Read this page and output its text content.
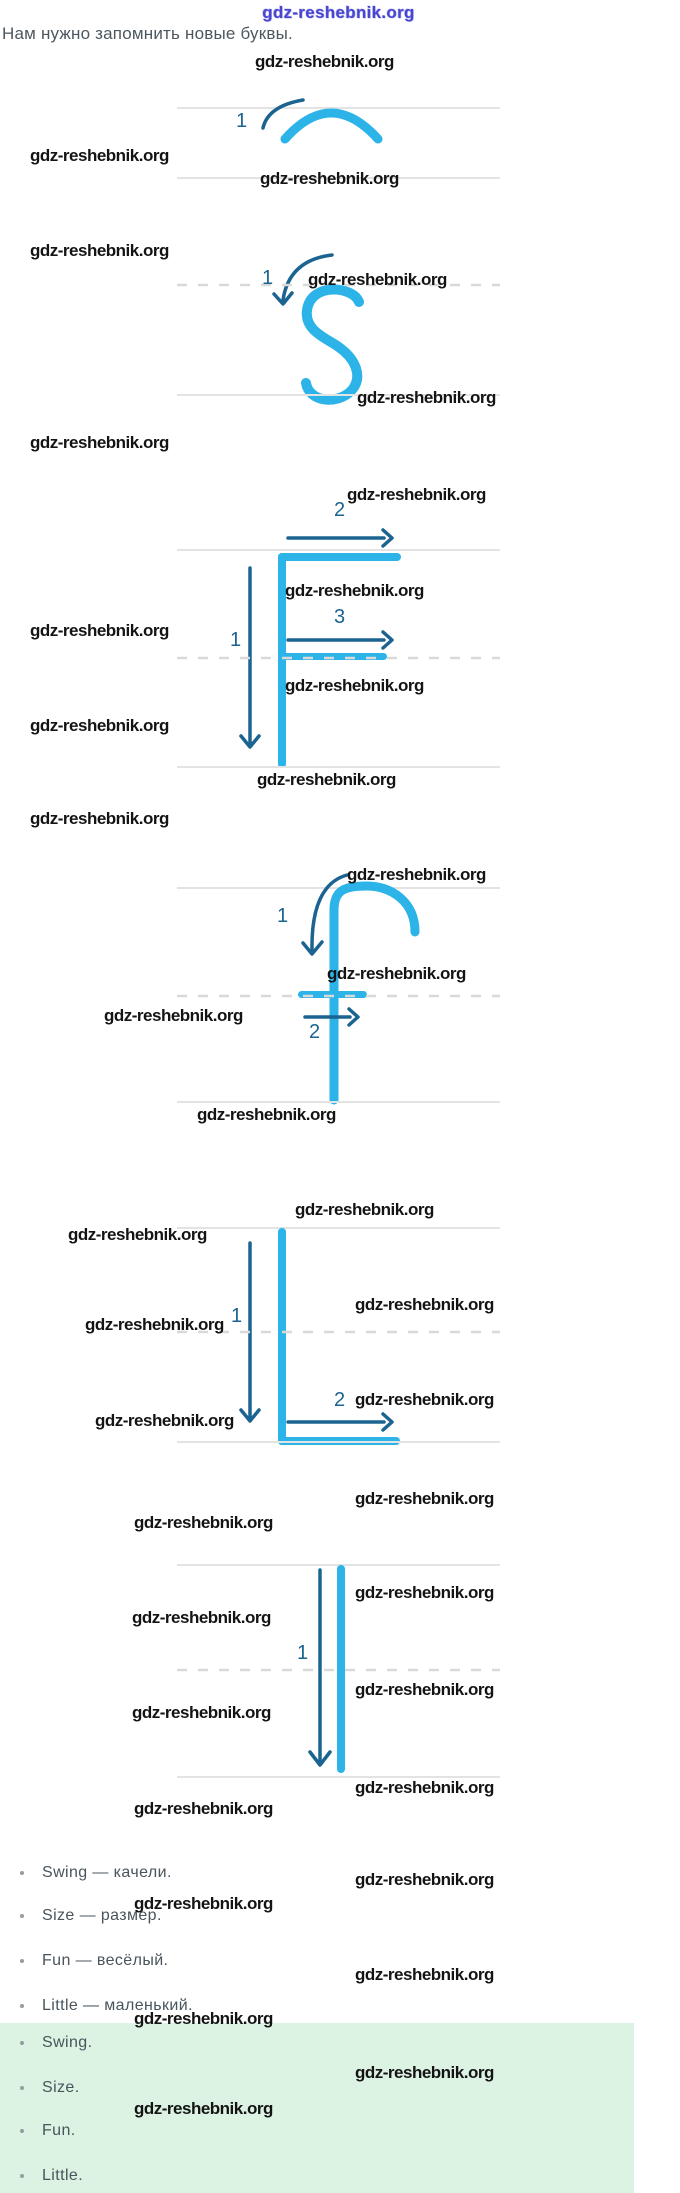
gdz-reshebnik.org
Нам нужно запомнить новые буквы.
1
1
2
1
3
1
2
1
2
1
Swing — качели.
Size — размер.
Fun — весёлый.
Little — маленький.
Swing.
Size.
Fun.
Little.
gdz-reshebnik.org
gdz-reshebnik.org
gdz-reshebnik.org
gdz-reshebnik.org
gdz-reshebnik.org
gdz-reshebnik.org
gdz-reshebnik.org
gdz-reshebnik.org
gdz-reshebnik.org
gdz-reshebnik.org
gdz-reshebnik.org
gdz-reshebnik.org
gdz-reshebnik.org
gdz-reshebnik.org
gdz-reshebnik.org
gdz-reshebnik.org
gdz-reshebnik.org
gdz-reshebnik.org
gdz-reshebnik.org
gdz-reshebnik.org
gdz-reshebnik.org
gdz-reshebnik.org
gdz-reshebnik.org
gdz-reshebnik.org
gdz-reshebnik.org
gdz-reshebnik.org
gdz-reshebnik.org
gdz-reshebnik.org
gdz-reshebnik.org
gdz-reshebnik.org
gdz-reshebnik.org
gdz-reshebnik.org
gdz-reshebnik.org
gdz-reshebnik.org
gdz-reshebnik.org
gdz-reshebnik.org
gdz-reshebnik.org
gdz-reshebnik.org
